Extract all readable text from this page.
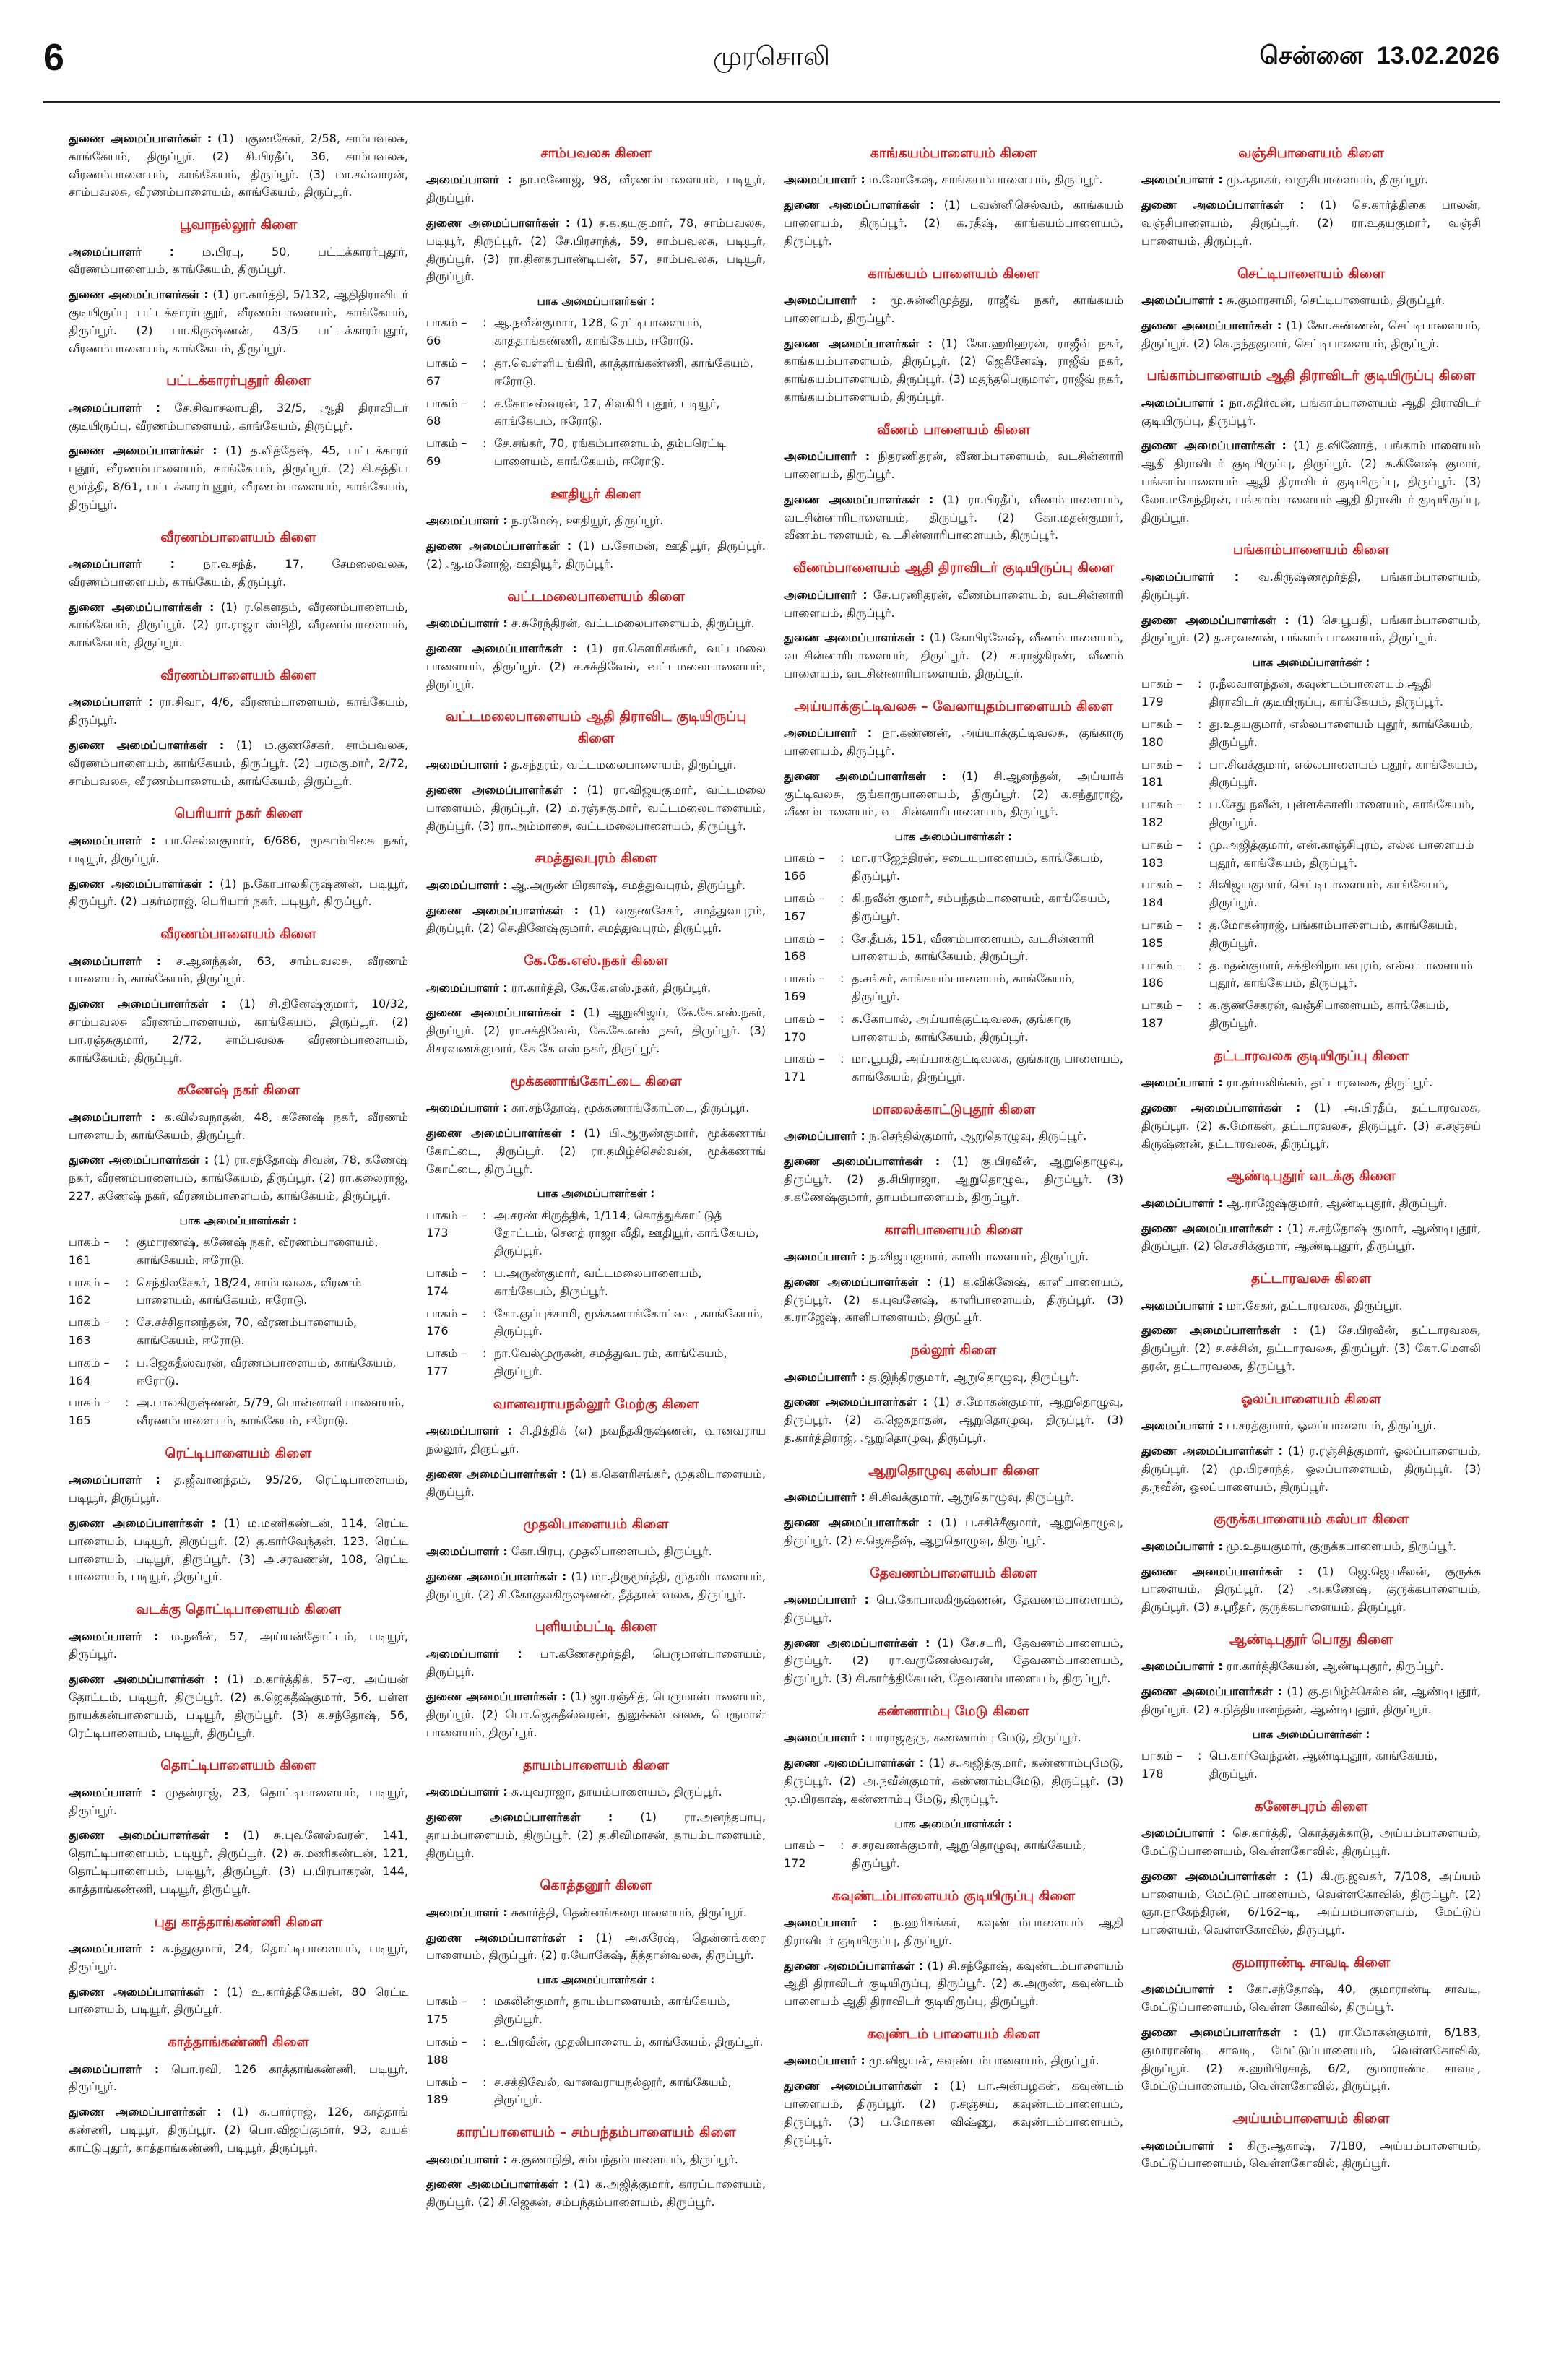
6	முரசொலி	சென்னை 13.02.2026
துணை அமைப்பாளர்கள் : (1) பகுணசேகர், 2/58, சாம்பவலசு, காங்கேயம், திருப்பூர். (2) சி.பிரதீப், 36, சாம்பவலசு, வீரணம்பாளையம், காங்கேயம், திருப்பூர். (3) மா.சல்வாரன், சாம்பவலசு, வீரணம்பாளையம், காங்கேயம், திருப்பூர்.
பூவாநல்லூர் கிளை
அமைப்பாளர் : ம.பிரபு, 50, பட்டக்காரர்புதூர், வீரணம்பாளையம், காங்கேயம், திருப்பூர்.
துணை அமைப்பாளர்கள் : (1) ரா.கார்த்தி, 5/132, ஆதிதிராவிடர் குடியிருப்பு பட்டக்காரர்புதூர், வீரணம்பாளையம், காங்கேயம், திருப்பூர். (2) பா.கிருஷ்ணன், 43/5 பட்டக்காரர்புதூர், வீரணம்பாளையம், காங்கேயம், திருப்பூர்.
பட்டக்காரர்புதூர் கிளை
அமைப்பாளர் : சே.சிவாசலாபதி, 32/5, ஆதி திராவிடர் குடியிருப்பு, வீரணம்பாளையம், காங்கேயம், திருப்பூர்.
துணை அமைப்பாளர்கள் : (1) த.லித்தேஷ், 45, பட்டக்காரர் புதூர், வீரணம்பாளையம், காங்கேயம், திருப்பூர். (2) கி.சத்திய மூர்த்தி, 8/61, பட்டக்காரர்புதூர், வீரணம்பாளையம், காங்கேயம், திருப்பூர்.
வீரணம்பாளையம் கிளை
அமைப்பாளர் : நா.வசந்த், 17, சேமலைவலசு, வீரணம்பாளையம், காங்கேயம், திருப்பூர்.
துணை அமைப்பாளர்கள் : (1) ர.கௌதம், வீரணம்பாளையம், காங்கேயம், திருப்பூர். (2) ரா.ராஜா ஸ்பிதி, வீரணம்பாளையம், காங்கேயம், திருப்பூர்.
வீரணம்பாளையம் கிளை
அமைப்பாளர் : ரா.சிவா, 4/6, வீரணம்பாளையம், காங்கேயம், திருப்பூர்.
துணை அமைப்பாளர்கள் : (1) ம.குணசேகர், சாம்பவலசு, வீரணம்பாளையம், காங்கேயம், திருப்பூர். (2) பரமகுமார், 2/72, சாம்பவலசு, வீரணம்பாளையம், காங்கேயம், திருப்பூர்.
பெரியார் நகர் கிளை
அமைப்பாளர் : பா.செல்வகுமார், 6/686, மூகாம்பிகை நகர், படியூர், திருப்பூர்.
துணை அமைப்பாளர்கள் : (1) ந.கோபாலகிருஷ்ணன், படியூர், திருப்பூர். (2) பதர்மராஜ், பெரியார் நகர், படியூர், திருப்பூர்.
வீரணம்பாளையம் கிளை
அமைப்பாளர் : ச.ஆனந்தன், 63, சாம்பவலசு, வீரணம் பாளையம், காங்கேயம், திருப்பூர்.
துணை அமைப்பாளர்கள் : (1) சி.தினேஷ்குமார், 10/32, சாம்பவலசு வீரணம்பாளையம், காங்கேயம், திருப்பூர். (2) பா.ரஞ்சுகுமார், 2/72, சாம்பவலசு வீரணம்பாளையம், காங்கேயம், திருப்பூர்.
கணேஷ் நகர் கிளை
அமைப்பாளர் : க.வில்வநாதன், 48, கணேஷ் நகர், வீரணம் பாளையம், காங்கேயம், திருப்பூர்.
துணை அமைப்பாளர்கள் : (1) ரா.சந்தோஷ் சிவன், 78, கணேஷ் நகர், வீரணம்பாளையம், காங்கேயம், திருப்பூர். (2) ரா.கலைராஜ், 227, கணேஷ் நகர், வீரணம்பாளையம், காங்கேயம், திருப்பூர்.
பாக அமைப்பாளர்கள் :
பாகம் – 161
: குமாரணஷ், கணேஷ் நகர், வீரணம்பாளையம், காங்கேயம், ஈரோடு.
பாகம் – 162
: செந்திலசேகர், 18/24, சாம்பவலசு, வீரணம் பாளையம், காங்கேயம், ஈரோடு.
பாகம் – 163
: சே.சச்சிதானந்தன், 70, வீரணம்பாளையம், காங்கேயம், ஈரோடு.
பாகம் – 164
: ப.ஜெகதீஸ்வரன், வீரணம்பாளையம், காங்கேயம், ஈரோடு.
பாகம் – 165
: அ.பாலகிருஷ்ணன், 5/79, பொன்னாளி பாளையம், வீரணம்பாளையம், காங்கேயம், ஈரோடு.
ரெட்டிபாளையம் கிளை
அமைப்பாளர் : த.ஜீவானந்தம், 95/26, ரெட்டிபாளையம், படியூர், திருப்பூர்.
துணை அமைப்பாளர்கள் : (1) ம.மணிகண்டன், 114, ரெட்டி பாளையம், படியூர், திருப்பூர். (2) த.கார்வேந்தன், 123, ரெட்டி பாளையம், படியூர், திருப்பூர். (3) அ.சரவணன், 108, ரெட்டி பாளையம், படியூர், திருப்பூர்.
வடக்கு தொட்டிபாளையம் கிளை
அமைப்பாளர் : ம.நவீன், 57, அய்யன்தோட்டம், படியூர், திருப்பூர்.
துணை அமைப்பாளர்கள் : (1) ம.கார்த்திக், 57–ஏ, அய்யன் தோட்டம், படியூர், திருப்பூர். (2) க.ஜெகதீஷ்குமார், 56, பள்ள நாயக்கன்பாளையம், படியூர், திருப்பூர். (3) க.சந்தோஷ், 56, ரெட்டிபாளையம், படியூர், திருப்பூர்.
தொட்டிபாளையம் கிளை
அமைப்பாளர் : முதன்ராஜ், 23, தொட்டிபாளையம், படியூர், திருப்பூர்.
துணை அமைப்பாளர்கள் : (1) சு.புவனேஸ்வரன், 141, தொட்டிபாளையம், படியூர், திருப்பூர். (2) சு.மணிகண்டன், 121, தொட்டிபாளையம், படியூர், திருப்பூர். (3) ப.பிரபாகரன், 144, காத்தாங்கண்ணி, படியூர், திருப்பூர்.
புது காத்தாங்கண்ணி கிளை
அமைப்பாளர் : சு.ந்துகுமார், 24, தொட்டிபாளையம், படியூர், திருப்பூர்.
துணை அமைப்பாளர்கள் : (1) உ.கார்த்திகேயன், 80 ரெட்டி பாளையம், படியூர், திருப்பூர்.
காத்தாங்கண்ணி கிளை
அமைப்பாளர் : பொ.ரவி, 126 காத்தாங்கண்ணி, படியூர், திருப்பூர்.
துணை அமைப்பாளர்கள் : (1) சு.பார்ராஜ், 126, காத்தாங் கண்ணி, படியூர், திருப்பூர். (2) பொ.விஜய்குமார், 93, வயக் காட்டுபுதூர், காத்தாங்கண்ணி, படியூர், திருப்பூர்.
சாம்பவலசு கிளை
அமைப்பாளர் : நா.மனோஜ், 98, வீரணம்பாளையம், படியூர், திருப்பூர்.
துணை அமைப்பாளர்கள் : (1) ச.க.தயகுமார், 78, சாம்பவலசு, படியூர், திருப்பூர். (2) சே.பிரசாந்த், 59, சாம்பவலசு, படியூர், திருப்பூர். (3) ரா.தினகரபாண்டியன், 57, சாம்பவலசு, படியூர், திருப்பூர்.
பாக அமைப்பாளர்கள் :
பாகம் – 66
: ஆ.நவீன்குமார், 128, ரெட்டிபாளையம், காத்தாங்கண்ணி, காங்கேயம், ஈரோடு.
பாகம் – 67
: தா.வெள்ளியங்கிரி, காத்தாங்கண்ணி, காங்கேயம், ஈரோடு.
பாகம் – 68
: ச.கோடீஸ்வரன், 17, சிவகிரி புதூர், படியூர், காங்கேயம், ஈரோடு.
பாகம் – 69
: சே.சங்கர், 70, ரங்கம்பாளையம், தம்பரெட்டி பாளையம், காங்கேயம், ஈரோடு.
ஊதியூர் கிளை
அமைப்பாளர் : ந.ரமேஷ், ஊதியூர், திருப்பூர்.
துணை அமைப்பாளர்கள் : (1) ப.சோமன், ஊதியூர், திருப்பூர். (2) ஆ.மனோஜ், ஊதியூர், திருப்பூர்.
வட்டமலைபாளையம் கிளை
அமைப்பாளர் : ச.சுரேந்திரன், வட்டமலைபாளையம், திருப்பூர்.
துணை அமைப்பாளர்கள் : (1) ரா.கௌரிசங்கர், வட்டமலை பாளையம், திருப்பூர். (2) ச.சக்திவேல், வட்டமலைபாளையம், திருப்பூர்.
வட்டமலைபாளையம் ஆதி திராவிட குடியிருப்பு கிளை
அமைப்பாளர் : த.சந்தரம், வட்டமலைபாளையம், திருப்பூர்.
துணை அமைப்பாளர்கள் : (1) ரா.விஜயகுமார், வட்டமலை பாளையம், திருப்பூர். (2) ம.ரஞ்சுகுமார், வட்டமலைபாளையம், திருப்பூர். (3) ரா.அம்மாசை, வட்டமலைபாளையம், திருப்பூர்.
சமத்துவபுரம் கிளை
அமைப்பாளர் : ஆ.அருண் பிரகாஷ், சமத்துவபுரம், திருப்பூர்.
துணை அமைப்பாளர்கள் : (1) வகுணசேகர், சமத்துவபுரம், திருப்பூர். (2) செ.தினேஷ்குமார், சமத்துவபுரம், திருப்பூர்.
கே.கே.எஸ்.நகர் கிளை
அமைப்பாளர் : ரா.கார்த்தி, கே.கே.எஸ்.நகர், திருப்பூர்.
துணை அமைப்பாளர்கள் : (1) ஆறுவிஜய், கே.கே.எஸ்.நகர், திருப்பூர். (2) ரா.சக்திவேல், கே.கே.எஸ் நகர், திருப்பூர். (3) சிசரவணக்குமார், கே கே எஸ் நகர், திருப்பூர்.
மூக்கணாங்கோட்டை கிளை
அமைப்பாளர் : கா.சந்தோஷ், மூக்கணாங்கோட்டை, திருப்பூர்.
துணை அமைப்பாளர்கள் : (1) பி.ஆருண்குமார், மூக்கணாங் கோட்டை, திருப்பூர். (2) ரா.தமிழ்ச்செல்வன், மூக்கணாங் கோட்டை, திருப்பூர்.
பாக அமைப்பாளர்கள் :
பாகம் – 173
: அ.சரண் கிருத்திக், 1/114, கொத்துக்காட்டுத் தோட்டம், செனத் ராஜா வீதி, ஊதியூர், காங்கேயம், திருப்பூர்.
பாகம் – 174
: ப.அருண்குமார், வட்டமலைபாளையம், காங்கேயம், திருப்பூர்.
பாகம் – 176
: கோ.குப்புச்சாமி, மூக்கணாங்கோட்டை, காங்கேயம், திருப்பூர்.
பாகம் – 177
: நா.வேல்முருகன், சமத்துவபுரம், காங்கேயம், திருப்பூர்.
வானவராயநல்லூர் மேற்கு கிளை
அமைப்பாளர் : சி.தித்திக் (எ) நவநீதகிருஷ்ணன், வானவராய நல்லூர், திருப்பூர்.
துணை அமைப்பாளர்கள் : (1) க.கௌரிசங்கர், முதலிபாளையம், திருப்பூர்.
முதலிபாளையம் கிளை
அமைப்பாளர் : கோ.பிரபு, முதலிபாளையம், திருப்பூர்.
துணை அமைப்பாளர்கள் : (1) மா.திருமூர்த்தி, முதலிபாளையம், திருப்பூர். (2) சி.கோகுலகிருஷ்ணன், தீத்தான் வலசு, திருப்பூர்.
புளியம்பட்டி கிளை
அமைப்பாளர் : பா.கணேசமூர்த்தி, பெருமாள்பாளையம், திருப்பூர்.
துணை அமைப்பாளர்கள் : (1) ஜா.ரஞ்சித், பெருமாள்பாளையம், திருப்பூர். (2) பொ.ஜெகதீஸ்வரன், துலுக்கன் வலசு, பெருமாள் பாளையம், திருப்பூர்.
தாயம்பாளையம் கிளை
அமைப்பாளர் : சு.யுவராஜா, தாயம்பாளையம், திருப்பூர்.
துணை அமைப்பாளர்கள் : (1) ரா.அனந்தபாபு, தாயம்பாளையம், திருப்பூர். (2) த.சிவிமாசன், தாயம்பாளையம், திருப்பூர்.
கொத்தனூர் கிளை
அமைப்பாளர் : சுகார்த்தி, தென்னங்கரைபாளையம், திருப்பூர்.
துணை அமைப்பாளர்கள் : (1) அ.சுரேஷ், தென்னங்கரை பாளையம், திருப்பூர். (2) ர.யோகேஷ், தீத்தான்வலசு, திருப்பூர்.
பாக அமைப்பாளர்கள் :
பாகம் – 175
: மகலின்குமார், தாயம்பாளையம், காங்கேயம், திருப்பூர்.
பாகம் – 188
: உ.பிரவீன், முதலிபாளையம், காங்கேயம், திருப்பூர்.
பாகம் – 189
: ச.சக்திவேல், வானவராயநல்லூர், காங்கேயம், திருப்பூர்.
காரப்பாளையம் – சம்பந்தம்பாளையம் கிளை
அமைப்பாளர் : ச.குணாநிதி, சம்பந்தம்பாளையம், திருப்பூர்.
துணை அமைப்பாளர்கள் : (1) க.அஜித்குமார், காரப்பாளையம், திருப்பூர். (2) சி.ஜெகன், சம்பந்தம்பாளையம், திருப்பூர்.
காங்கயம்பாளையம் கிளை
அமைப்பாளர் : ம.லோகேஷ், காங்கயம்பாளையம், திருப்பூர்.
துணை அமைப்பாளர்கள் : (1) பவன்னிசெல்வம், காங்கயம் பாளையம், திருப்பூர். (2) க.ரதீஷ், காங்கயம்பாளையம், திருப்பூர்.
காங்கயம் பாளையம் கிளை
அமைப்பாளர் : மு.சுன்னிமுத்து, ராஜீவ் நகர், காங்கயம் பாளையம், திருப்பூர்.
துணை அமைப்பாளர்கள் : (1) கோ.ஹரிஹரன், ராஜீவ் நகர், காங்கயம்பாளையம், திருப்பூர். (2) ஜெகீனேஷ், ராஜீவ் நகர், காங்கயம்பாளையம், திருப்பூர். (3) மதந்தபெருமாள், ராஜீவ் நகர், காங்கயம்பாளையம், திருப்பூர்.
வீணம் பாளையம் கிளை
அமைப்பாளர் : நிதரணிதரன், வீணம்பாளையம், வடசின்னாரி பாளையம், திருப்பூர்.
துணை அமைப்பாளர்கள் : (1) ரா.பிரதீப், வீணம்பாளையம், வடசின்னாரிபாளையம், திருப்பூர். (2) கோ.மதன்குமார், வீணம்பாளையம், வடசின்னாரிபாளையம், திருப்பூர்.
வீணம்பாளையம் ஆதி திராவிடர் குடியிருப்பு கிளை
அமைப்பாளர் : சே.பரணிதரன், வீணம்பாளையம், வடசின்னாரி பாளையம், திருப்பூர்.
துணை அமைப்பாளர்கள் : (1) கோபிரவேஷ், வீணம்பாளையம், வடசின்னாரிபாளையம், திருப்பூர். (2) க.ராஜ்கிரண், வீணம் பாளையம், வடசின்னாரிபாளையம், திருப்பூர்.
அய்யாக்குட்டிவலசு – வேலாயுதம்பாளையம் கிளை
அமைப்பாளர் : நா.கண்ணன், அய்யாக்குட்டிவலசு, குங்காரு பாளையம், திருப்பூர்.
துணை அமைப்பாளர்கள் : (1) சி.ஆனந்தன், அய்யாக் குட்டிவலசு, குங்காருபாளையம், திருப்பூர். (2) க.சந்தூராஜ், வீணம்பாளையம், வடசின்னாரிபாளையம், திருப்பூர்.
பாக அமைப்பாளர்கள் :
பாகம் – 166
: மா.ராஜேந்திரன், சடையபாளையம், காங்கேயம், திருப்பூர்.
பாகம் – 167
: கி.நவீன் குமார், சம்பந்தம்பாளையம், காங்கேயம், திருப்பூர்.
பாகம் – 168
: சே.தீபக், 151, வீணம்பாளையம், வடசின்னாரி பாளையம், காங்கேயம், திருப்பூர்.
பாகம் – 169
: த.சங்கர், காங்கயம்பாளையம், காங்கேயம், திருப்பூர்.
பாகம் – 170
: க.கோபால், அய்யாக்குட்டிவலசு, குங்காரு பாளையம், காங்கேயம், திருப்பூர்.
பாகம் – 171
: மா.பூபதி, அய்யாக்குட்டிவலசு, குங்காரு பாளையம், காங்கேயம், திருப்பூர்.
மாலைக்காட்டுபுதூர் கிளை
அமைப்பாளர் : ந.செந்தில்குமார், ஆறுதொழுவு, திருப்பூர்.
துணை அமைப்பாளர்கள் : (1) கு.பிரவீன், ஆறுதொழுவு, திருப்பூர். (2) த.சிபிராஜா, ஆறுதொழுவு, திருப்பூர். (3) ச.கணேஷ்குமார், தாயம்பாளையம், திருப்பூர்.
காளிபாளையம் கிளை
அமைப்பாளர் : ந.விஜயகுமார், காளிபாளையம், திருப்பூர்.
துணை அமைப்பாளர்கள் : (1) க.விக்னேஷ், காளிபாளையம், திருப்பூர். (2) க.புவனேஷ், காளிபாளையம், திருப்பூர். (3) க.ராஜேஷ், காளிபாளையம், திருப்பூர்.
நல்லூர் கிளை
அமைப்பாளர் : த.இந்திரகுமார், ஆறுதொழுவு, திருப்பூர்.
துணை அமைப்பாளர்கள் : (1) ச.மோகன்குமார், ஆறுதொழுவு, திருப்பூர். (2) க.ஜெகநாதன், ஆறுதொழுவு, திருப்பூர். (3) த.கார்த்திராஜ், ஆறுதொழுவு, திருப்பூர்.
ஆறுதொழுவு கஸ்பா கிளை
அமைப்பாளர் : சி.சிவக்குமார், ஆறுதொழுவு, திருப்பூர்.
துணை அமைப்பாளர்கள் : (1) ப.சசிச்சீகுமார், ஆறுதொழுவு, திருப்பூர். (2) ச.ஜெகதீஷ், ஆறுதொழுவு, திருப்பூர்.
தேவணம்பாளையம் கிளை
அமைப்பாளர் : பெ.கோபாலகிருஷ்ணன், தேவணம்பாளையம், திருப்பூர்.
துணை அமைப்பாளர்கள் : (1) சே.சபரி, தேவணம்பாளையம், திருப்பூர். (2) ரா.வருணேஸ்வரன், தேவணம்பாளையம், திருப்பூர். (3) சி.கார்த்திகேயன், தேவணம்பாளையம், திருப்பூர்.
கண்ணாம்பு மேடு கிளை
அமைப்பாளர் : பாராஜகுரு, கண்ணாம்பு மேடு, திருப்பூர்.
துணை அமைப்பாளர்கள் : (1) ச.அஜித்குமார், கண்ணாம்புமேடு, திருப்பூர். (2) அ.நவீன்குமார், கண்ணாம்புமேடு, திருப்பூர். (3) மு.பிரகாஷ், கண்ணாம்பு மேடு, திருப்பூர்.
பாக அமைப்பாளர்கள் :
பாகம் – 172
: ச.சரவணக்குமார், ஆறுதொழுவு, காங்கேயம், திருப்பூர்.
கவுண்டம்பாளையம் குடியிருப்பு கிளை
அமைப்பாளர் : ந.ஹரிசங்கர், கவுண்டம்பாளையம் ஆதி திராவிடர் குடியிருப்பு, திருப்பூர்.
துணை அமைப்பாளர்கள் : (1) சி.சந்தோஷ், கவுண்டம்பாளையம் ஆதி திராவிடர் குடியிருப்பு, திருப்பூர். (2) க.அருண், கவுண்டம் பாளையம் ஆதி திராவிடர் குடியிருப்பு, திருப்பூர்.
கவுண்டம் பாளையம் கிளை
அமைப்பாளர் : மு.விஜயன், கவுண்டம்பாளையம், திருப்பூர்.
துணை அமைப்பாளர்கள் : (1) பா.அன்பழகன், கவுண்டம் பாளையம், திருப்பூர். (2) ர.சஞ்சய், கவுண்டம்பாளையம், திருப்பூர். (3) ப.மோகன விஷ்ணு, கவுண்டம்பாளையம், திருப்பூர்.
வஞ்சிபாளையம் கிளை
அமைப்பாளர் : மு.சுதாகர், வஞ்சிபாளையம், திருப்பூர்.
துணை அமைப்பாளர்கள் : (1) செ.கார்த்திகை பாலன், வஞ்சிபாளையம், திருப்பூர். (2) ரா.உதயகுமார், வஞ்சி பாளையம், திருப்பூர்.
செட்டிபாளையம் கிளை
அமைப்பாளர் : சு.குமாரசாமி, செட்டிபாளையம், திருப்பூர்.
துணை அமைப்பாளர்கள் : (1) கோ.கண்ணன், செட்டிபாளையம், திருப்பூர். (2) கெ.நந்தகுமார், செட்டிபாளையம், திருப்பூர்.
பங்காம்பாளையம் ஆதி திராவிடர் குடியிருப்பு கிளை
அமைப்பாளர் : நா.சுதிர்வன், பங்காம்பாளையம் ஆதி திராவிடர் குடியிருப்பு, திருப்பூர்.
துணை அமைப்பாளர்கள் : (1) த.வினோத், பங்காம்பாளையம் ஆதி திராவிடர் குடியிருப்பு, திருப்பூர். (2) க.கிளேஷ் குமார், பங்காம்பாளையம் ஆதி திராவிடர் குடியிருப்பு, திருப்பூர். (3) லோ.மகேந்திரன், பங்காம்பாளையம் ஆதி திராவிடர் குடியிருப்பு, திருப்பூர்.
பங்காம்பாளையம் கிளை
அமைப்பாளர் : வ.கிருஷ்ணமூர்த்தி, பங்காம்பாளையம், திருப்பூர்.
துணை அமைப்பாளர்கள் : (1) செ.பூபதி, பங்காம்பாளையம், திருப்பூர். (2) த.சரவணன், பங்காம் பாளையம், திருப்பூர்.
பாக அமைப்பாளர்கள் :
பாகம் – 179
: ர.நீலவாளந்தன், கவுண்டம்பாளையம் ஆதி திராவிடர் குடியிருப்பு, காங்கேயம், திருப்பூர்.
பாகம் – 180
: து.உதயகுமார், எல்லபாளையம் புதூர், காங்கேயம், திருப்பூர்.
பாகம் – 181
: பா.சிவக்குமார், எல்லபாளையம் புதூர், காங்கேயம், திருப்பூர்.
பாகம் – 182
: ப.சேது நவீன், புள்ளக்காளிபாளையம், காங்கேயம், திருப்பூர்.
பாகம் – 183
: மு.அஜித்குமார், என்.காஞ்சிபுரம், எல்ல பாளையம் புதூர், காங்கேயம், திருப்பூர்.
பாகம் – 184
: சிவிஜயகுமார், செட்டிபாளையம், காங்கேயம், திருப்பூர்.
பாகம் – 185
: த.மோகன்ராஜ், பங்காம்பாளையம், காங்கேயம், திருப்பூர்.
பாகம் – 186
: த.மதன்குமார், சக்திவிநாயகபுரம், எல்ல பாளையம் புதூர், காங்கேயம், திருப்பூர்.
பாகம் – 187
: க.குணசேகரன், வஞ்சிபாளையம், காங்கேயம், திருப்பூர்.
தட்டாரவலசு குடியிருப்பு கிளை
அமைப்பாளர் : ரா.தர்மலிங்கம், தட்டாரவலசு, திருப்பூர்.
துணை அமைப்பாளர்கள் : (1) அ.பிரதீப், தட்டாரவலசு, திருப்பூர். (2) சு.மோகன், தட்டாரவலசு, திருப்பூர். (3) ச.சஞ்சய் கிருஷ்ணன், தட்டாரவலசு, திருப்பூர்.
ஆண்டிபுதூர் வடக்கு கிளை
அமைப்பாளர் : ஆ.ராஜேஷ்குமார், ஆண்டிபுதூர், திருப்பூர்.
துணை அமைப்பாளர்கள் : (1) ச.சந்தோஷ் குமார், ஆண்டிபுதூர், திருப்பூர். (2) செ.சசிக்குமார், ஆண்டிபுதூர், திருப்பூர்.
தட்டாரவலசு கிளை
அமைப்பாளர் : மா.சேகர், தட்டாரவலசு, திருப்பூர்.
துணை அமைப்பாளர்கள் : (1) சே.பிரவீன், தட்டாரவலசு, திருப்பூர். (2) ச.சச்சின், தட்டாரவலசு, திருப்பூர். (3) கோ.மெளலி தரன், தட்டாரவலசு, திருப்பூர்.
ஓலப்பாளையம் கிளை
அமைப்பாளர் : ப.சரத்குமார், ஓலப்பாளையம், திருப்பூர்.
துணை அமைப்பாளர்கள் : (1) ர.ரஞ்சித்குமார், ஓலப்பாளையம், திருப்பூர். (2) மு.பிரசாந்த், ஓலப்பாளையம், திருப்பூர். (3) த.நவீன், ஓலப்பாளையம், திருப்பூர்.
குருக்கபாளையம் கஸ்பா கிளை
அமைப்பாளர் : மு.உதயகுமார், குருக்கபாளையம், திருப்பூர்.
துணை அமைப்பாளர்கள் : (1) ஜெ.ஜெயசீலன், குருக்க பாளையம், திருப்பூர். (2) அ.கணேஷ், குருக்கபாளையம், திருப்பூர். (3) ச.ஸ்ரீதர், குருக்கபாளையம், திருப்பூர்.
ஆண்டிபுதூர் பொது கிளை
அமைப்பாளர் : ரா.கார்த்திகேயன், ஆண்டிபுதூர், திருப்பூர்.
துணை அமைப்பாளர்கள் : (1) கு.தமிழ்ச்செல்வன், ஆண்டிபுதூர், திருப்பூர். (2) ச.நித்தியானந்தன், ஆண்டிபுதூர், திருப்பூர்.
பாக அமைப்பாளர்கள் :
பாகம் – 178
: பெ.கார்வேந்தன், ஆண்டிபுதூர், காங்கேயம், திருப்பூர்.
கணேசபுரம் கிளை
அமைப்பாளர் : செ.கார்த்தி, கொத்துக்காடு, அய்யம்பாளையம், மேட்டுப்பாளையம், வெள்ளகோவில், திருப்பூர்.
துணை அமைப்பாளர்கள் : (1) கி.ரு.ஜவகர், 7/108, அய்யம் பாளையம், மேட்டுப்பாளையம், வெள்ளகோவில், திருப்பூர். (2) ஞா.நாகேந்திரன், 6/162–டி, அய்யம்பாளையம், மேட்டுப் பாளையம், வெள்ளகோவில், திருப்பூர்.
குமாராண்டி சாவடி கிளை
அமைப்பாளர் : கோ.சந்தோஷ், 40, குமாராண்டி சாவடி, மேட்டுப்பாளையம், வெள்ள கோவில், திருப்பூர்.
துணை அமைப்பாளர்கள் : (1) ரா.மோகன்குமார், 6/183, குமாராண்டி சாவடி, மேட்டுப்பாளையம், வெள்ளகோவில், திருப்பூர். (2) ச.ஹரிபிரசாத், 6/2, குமாராண்டி சாவடி, மேட்டுப்பாளையம், வெள்ளகோவில், திருப்பூர்.
அய்யம்பாளையம் கிளை
அமைப்பாளர் : கிரு.ஆகாஷ், 7/180, அய்யம்பாளையம், மேட்டுப்பாளையம், வெள்ளகோவில், திருப்பூர்.
